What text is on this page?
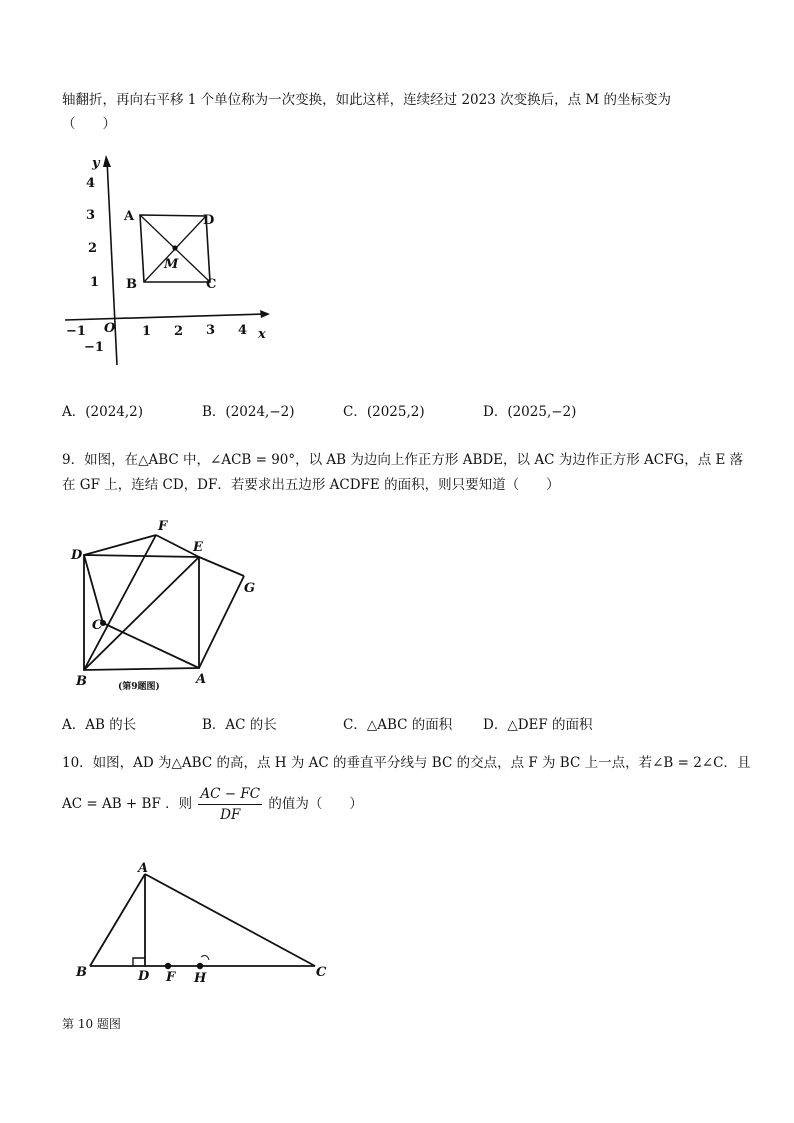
轴翻折，再向右平移 1 个单位称为一次变换，如此这样，连续经过 2023 次变换后，点 M 的坐标变为
（　　）
y
x
4
3
2
1
−1
−1	1 2 3 4
O
A	D
B	C
M
A．(2024,2)	B．(2024,−2)	C．(2025,2)	D．(2025,−2)
9．如图，在△ABC 中，∠ACB = 90°，以 AB 为边向上作正方形 ABDE，以 AC 为边作正方形 ACFG，点 E 落
在 GF 上，连结 CD，DF．若要求出五边形 ACDFE 的面积，则只要知道（　　）
D
F
E
G
C
B	A
(第9题图)
A．AB 的长	B．AC 的长	C．△ABC 的面积 D．△DEF 的面积
10．如图，AD 为△ABC 的高，点 H 为 AC 的垂直平分线与 BC 的交点，点 F 为 BC 上一点，若∠B = 2∠C．且
AC = AB + BF ．则 $\frac{AC - FC}{DF}$ 的值为（　　）
A
B	D F H	C
第 10 题图
